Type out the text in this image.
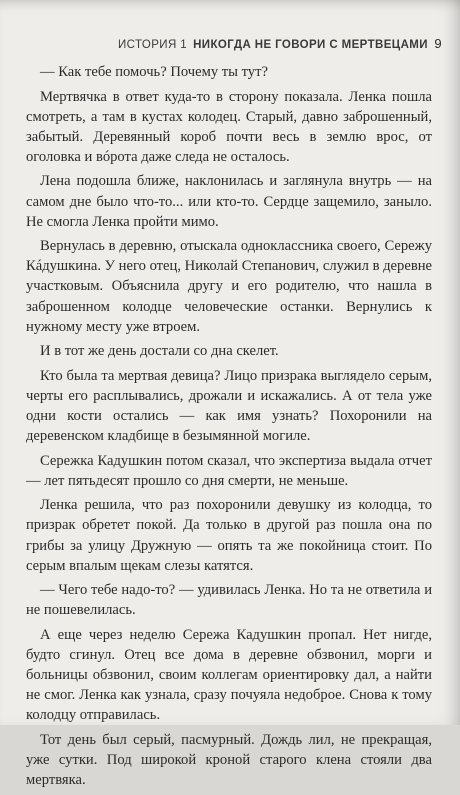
ИСТОРИЯ 1 НИКОГДА НЕ ГОВОРИ С МЕРТВЕЦАМИ 9

— Как тебе помочь? Почему ты тут?

Мертвячка в ответ куда-то в сторону показала. Ленка пошла смотреть, а там в кустах колодец. Старый, давно заброшенный, забытый. Деревянный короб почти весь в землю врос, от оголовка и вóрота даже следа не осталось.

Лена подошла ближе, наклонилась и заглянула внутрь — на самом дне было что-то... или кто-то. Сердце защемило, заныло. Не смогла Ленка пройти мимо.

Вернулась в деревню, отыскала одноклассника своего, Сережу Кáдушкина. У него отец, Николай Степанович, служил в деревне участковым. Объяснила другу и его родителю, что нашла в заброшенном колодце человеческие останки. Вернулись к нужному месту уже втроем.

И в тот же день достали со дна скелет.

Кто была та мертвая девица? Лицо призрака выглядело серым, черты его расплывались, дрожали и искажались. А от тела уже одни кости остались — как имя узнать? Похоронили на деревенском кладбище в безымянной могиле.

Сережка Кадушкин потом сказал, что экспертиза выдала отчет — лет пятьдесят прошло со дня смерти, не меньше.

Ленка решила, что раз похоронили девушку из колодца, то призрак обретет покой. Да только в другой раз пошла она по грибы за улицу Дружную — опять та же покойница стоит. По серым впалым щекам слезы катятся.

— Чего тебе надо-то? — удивилась Ленка. Но та не ответила и не пошевелилась.

А еще через неделю Сережа Кадушкин пропал. Нет нигде, будто сгинул. Отец все дома в деревне обзвонил, морги и больницы обзвонил, своим коллегам ориентировку дал, а найти не смог. Ленка как узнала, сразу почуяла недоброе. Снова к тому колодцу отправилась.

Тот день был серый, пасмурный. Дождь лил, не прекращая, уже сутки. Под широкой кроной старого клена стояли два мертвяка.
